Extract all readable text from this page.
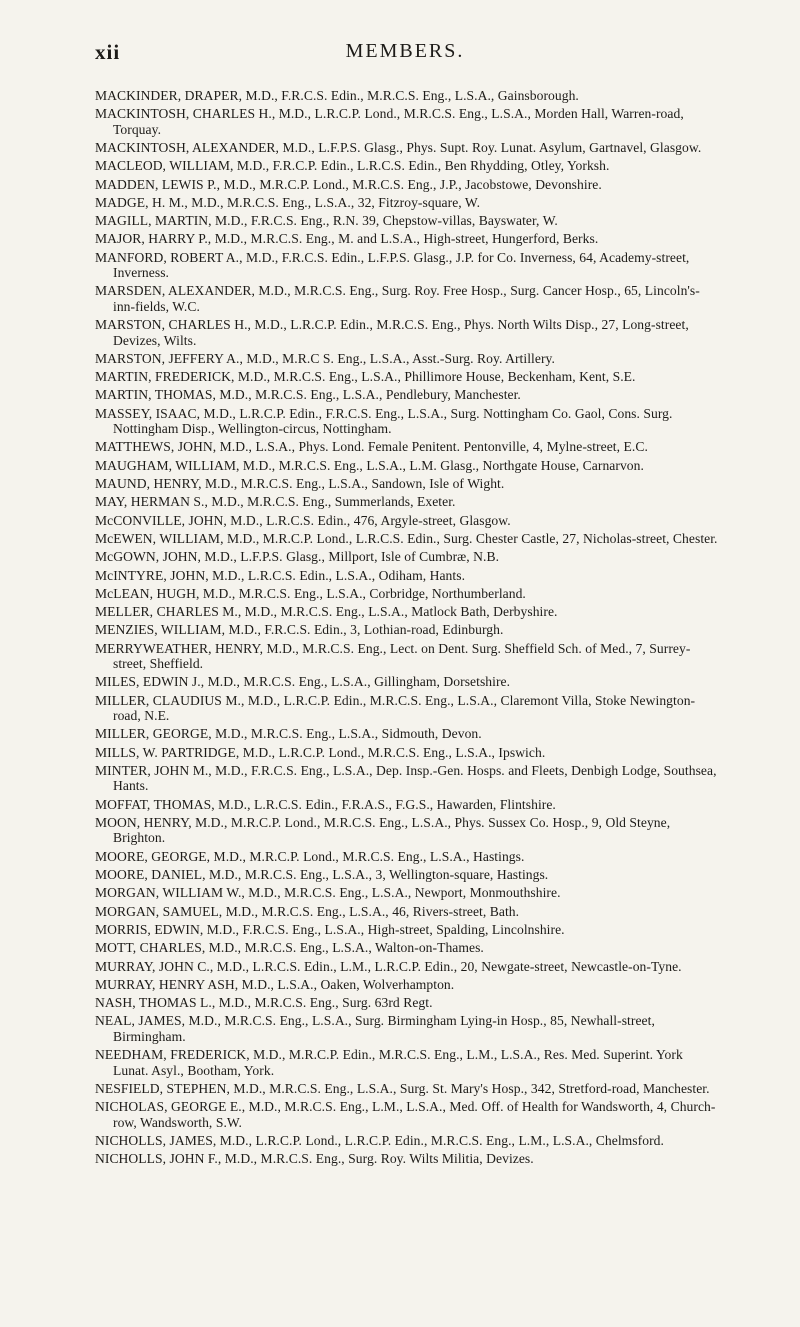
xii	MEMBERS.
MACKINDER, DRAPER, M.D., F.R.C.S. Edin., M.R.C.S. Eng., L.S.A., Gainsborough.
MACKINTOSH, CHARLES H., M.D., L.R.C.P. Lond., M.R.C.S. Eng., L.S.A., Morden Hall, Warren-road, Torquay.
MACKINTOSH, ALEXANDER, M.D., L.F.P.S. Glasg., Phys. Supt. Roy. Lunat. Asylum, Gartnavel, Glasgow.
MACLEOD, WILLIAM, M.D., F.R.C.P. Edin., L.R.C.S. Edin., Ben Rhydding, Otley, Yorksh.
MADDEN, LEWIS P., M.D., M.R.C.P. Lond., M.R.C.S. Eng., J.P., Jacobstowe, Devonshire.
MADGE, H. M., M.D., M.R.C.S. Eng., L.S.A., 32, Fitzroy-square, W.
MAGILL, MARTIN, M.D., F.R.C.S. Eng., R.N. 39, Chepstow-villas, Bayswater, W.
MAJOR, HARRY P., M.D., M.R.C.S. Eng., M. and L.S.A., High-street, Hungerford, Berks.
MANFORD, ROBERT A., M.D., F.R.C.S. Edin., L.F.P.S. Glasg., J.P. for Co. Inverness, 64, Academy-street, Inverness.
MARSDEN, ALEXANDER, M.D., M.R.C.S. Eng., Surg. Roy. Free Hosp., Surg. Cancer Hosp., 65, Lincoln's-inn-fields, W.C.
MARSTON, CHARLES H., M.D., L.R.C.P. Edin., M.R.C.S. Eng., Phys. North Wilts Disp., 27, Long-street, Devizes, Wilts.
MARSTON, JEFFERY A., M.D., M.R.C S. Eng., L.S.A., Asst.-Surg. Roy. Artillery.
MARTIN, FREDERICK, M.D., M.R.C.S. Eng., L.S.A., Phillimore House, Beckenham, Kent, S.E.
MARTIN, THOMAS, M.D., M.R.C.S. Eng., L.S.A., Pendlebury, Manchester.
MASSEY, ISAAC, M.D., L.R.C.P. Edin., F.R.C.S. Eng., L.S.A., Surg. Nottingham Co. Gaol, Cons. Surg. Nottingham Disp., Wellington-circus, Nottingham.
MATTHEWS, JOHN, M.D., L.S.A., Phys. Lond. Female Penitent. Pentonville, 4, Mylne-street, E.C.
MAUGHAM, WILLIAM, M.D., M.R.C.S. Eng., L.S.A., L.M. Glasg., Northgate House, Carnarvon.
MAUND, HENRY, M.D., M.R.C.S. Eng., L.S.A., Sandown, Isle of Wight.
MAY, HERMAN S., M.D., M.R.C.S. Eng., Summerlands, Exeter.
McCONVILLE, JOHN, M.D., L.R.C.S. Edin., 476, Argyle-street, Glasgow.
McEWEN, WILLIAM, M.D., M.R.C.P. Lond., L.R.C.S. Edin., Surg. Chester Castle, 27, Nicholas-street, Chester.
McGOWN, JOHN, M.D., L.F.P.S. Glasg., Millport, Isle of Cumbræ, N.B.
McINTYRE, JOHN, M.D., L.R.C.S. Edin., L.S.A., Odiham, Hants.
McLEAN, HUGH, M.D., M.R.C.S. Eng., L.S.A., Corbridge, Northumberland.
MELLER, CHARLES M., M.D., M.R.C.S. Eng., L.S.A., Matlock Bath, Derbyshire.
MENZIES, WILLIAM, M.D., F.R.C.S. Edin., 3, Lothian-road, Edinburgh.
MERRYWEATHER, HENRY, M.D., M.R.C.S. Eng., Lect. on Dent. Surg. Sheffield Sch. of Med., 7, Surrey-street, Sheffield.
MILES, EDWIN J., M.D., M.R.C.S. Eng., L.S.A., Gillingham, Dorsetshire.
MILLER, CLAUDIUS M., M.D., L.R.C.P. Edin., M.R.C.S. Eng., L.S.A., Claremont Villa, Stoke Newington-road, N.E.
MILLER, GEORGE, M.D., M.R.C.S. Eng., L.S.A., Sidmouth, Devon.
MILLS, W. PARTRIDGE, M.D., L.R.C.P. Lond., M.R.C.S. Eng., L.S.A., Ipswich.
MINTER, JOHN M., M.D., F.R.C.S. Eng., L.S.A., Dep. Insp.-Gen. Hosps. and Fleets, Denbigh Lodge, Southsea, Hants.
MOFFAT, THOMAS, M.D., L.R.C.S. Edin., F.R.A.S., F.G.S., Hawarden, Flintshire.
MOON, HENRY, M.D., M.R.C.P. Lond., M.R.C.S. Eng., L.S.A., Phys. Sussex Co. Hosp., 9, Old Steyne, Brighton.
MOORE, GEORGE, M.D., M.R.C.P. Lond., M.R.C.S. Eng., L.S.A., Hastings.
MOORE, DANIEL, M.D., M.R.C.S. Eng., L.S.A., 3, Wellington-square, Hastings.
MORGAN, WILLIAM W., M.D., M.R.C.S. Eng., L.S.A., Newport, Monmouthshire.
MORGAN, SAMUEL, M.D., M.R.C.S. Eng., L.S.A., 46, Rivers-street, Bath.
MORRIS, EDWIN, M.D., F.R.C.S. Eng., L.S.A., High-street, Spalding, Lincolnshire.
MOTT, CHARLES, M.D., M.R.C.S. Eng., L.S.A., Walton-on-Thames.
MURRAY, JOHN C., M.D., L.R.C.S. Edin., L.M., L.R.C.P. Edin., 20, Newgate-street, Newcastle-on-Tyne.
MURRAY, HENRY ASH, M.D., L.S.A., Oaken, Wolverhampton.
NASH, THOMAS L., M.D., M.R.C.S. Eng., Surg. 63rd Regt.
NEAL, JAMES, M.D., M.R.C.S. Eng., L.S.A., Surg. Birmingham Lying-in Hosp., 85, Newhall-street, Birmingham.
NEEDHAM, FREDERICK, M.D., M.R.C.P. Edin., M.R.C.S. Eng., L.M., L.S.A., Res. Med. Superint. York Lunat. Asyl., Bootham, York.
NESFIELD, STEPHEN, M.D., M.R.C.S. Eng., L.S.A., Surg. St. Mary's Hosp., 342, Stretford-road, Manchester.
NICHOLAS, GEORGE E., M.D., M.R.C.S. Eng., L.M., L.S.A., Med. Off. of Health for Wandsworth, 4, Church-row, Wandsworth, S.W.
NICHOLLS, JAMES, M.D., L.R.C.P. Lond., L.R.C.P. Edin., M.R.C.S. Eng., L.M., L.S.A., Chelmsford.
NICHOLLS, JOHN F., M.D., M.R.C.S. Eng., Surg. Roy. Wilts Militia, Devizes.
